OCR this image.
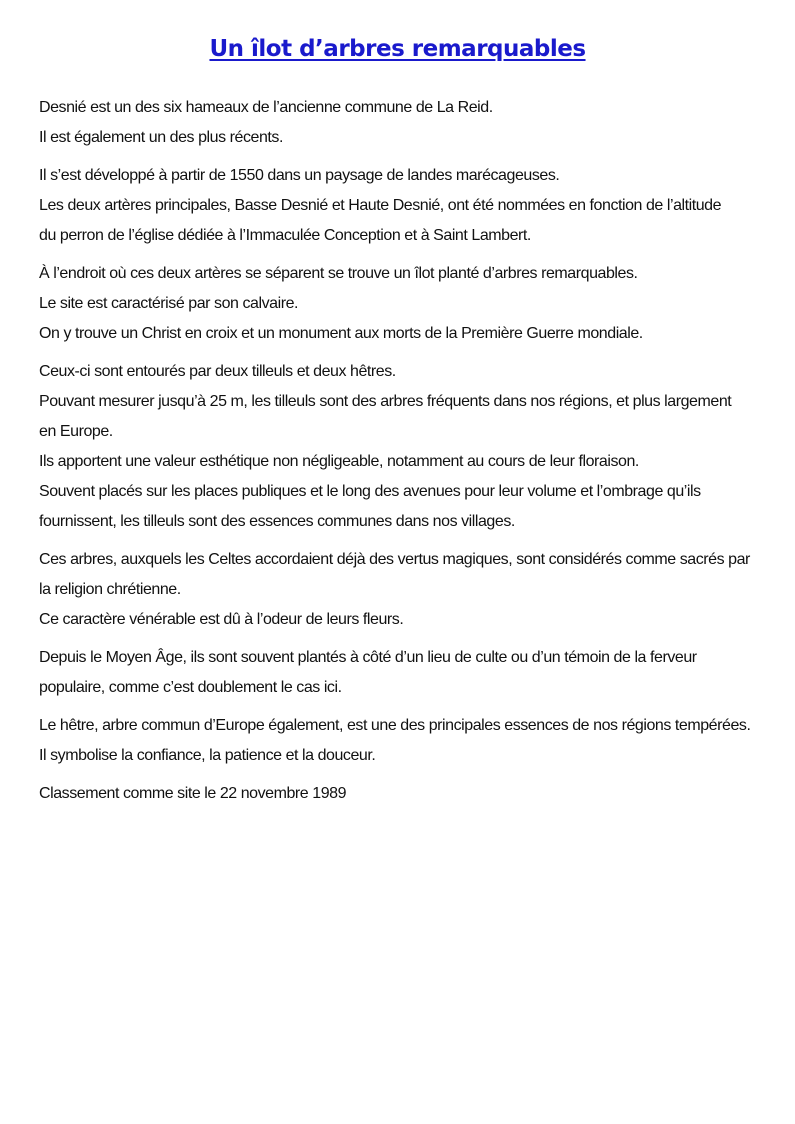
Un îlot d’arbres remarquables

Desnié est un des six hameaux de l’ancienne commune de La Reid.
Il est également un des plus récents.

Il s’est développé à partir de 1550 dans un paysage de landes marécageuses.
Les deux artères principales, Basse Desnié et Haute Desnié, ont été nommées en fonction de l’altitude
du perron de l’église dédiée à l’Immaculée Conception et à Saint Lambert.

À l’endroit où ces deux artères se séparent se trouve un îlot planté d’arbres remarquables.
Le site est caractérisé par son calvaire.
On y trouve un Christ en croix et un monument aux morts de la Première Guerre mondiale.

Ceux-ci sont entourés par deux tilleuls et deux hêtres.
Pouvant mesurer jusqu’à 25 m, les tilleuls sont des arbres fréquents dans nos régions, et plus largement
en Europe.
Ils apportent une valeur esthétique non négligeable, notamment au cours de leur floraison.
Souvent placés sur les places publiques et le long des avenues pour leur volume et l’ombrage qu’ils
fournissent, les tilleuls sont des essences communes dans nos villages.

Ces arbres, auxquels les Celtes accordaient déjà des vertus magiques, sont considérés comme sacrés par
la religion chrétienne.
Ce caractère vénérable est dû à l’odeur de leurs fleurs.

Depuis le Moyen Âge, ils sont souvent plantés à côté d’un lieu de culte ou d’un témoin de la ferveur
populaire, comme c’est doublement le cas ici.

Le hêtre, arbre commun d’Europe également, est une des principales essences de nos régions tempérées.
Il symbolise la confiance, la patience et la douceur.

Classement comme site le 22 novembre 1989
